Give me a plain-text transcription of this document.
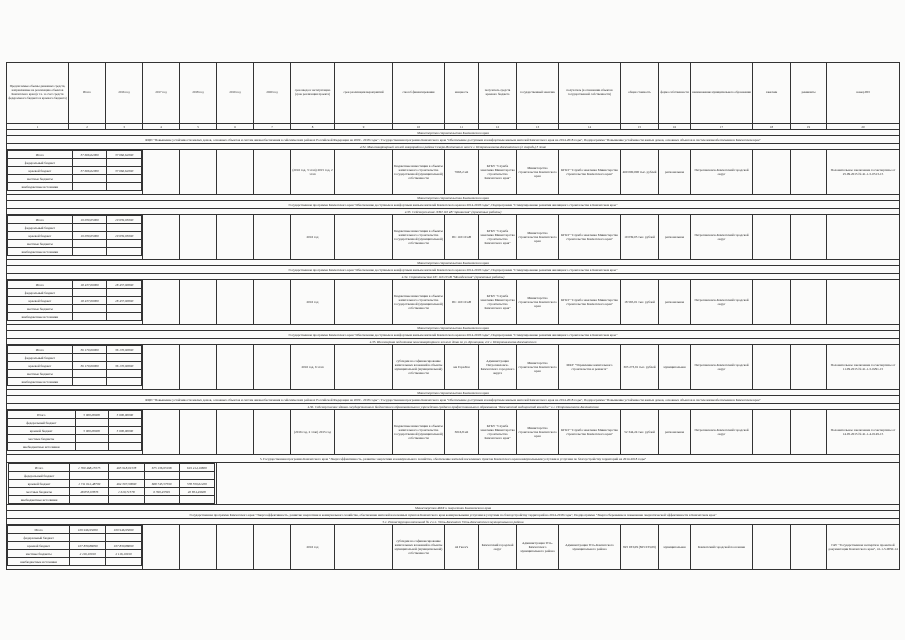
Предлагаемые объемы денежных средств, направляемые на реализацию объектов Камчатского края (в т.ч. за счет средств федерального бюджета и краевого бюджета)	Итого	2016 год	2017 год	2018 год	2019 год	2020 год	срок ввода в эксплуатацию (срок реализации проекта)	срок реализации мероприятий	способ финансирования	мощность	получатель средств краевого бюджета	государственный заказчик	получатель (в отношении объектов государственной собственности)	общая стоимость	форма собственности	наименование муниципального образования	заказчик	реквизиты	номер ПИ
1	2	3	4	5	6	7	8	9	10	11	12	13	14	15	16	17	18	19	20
Министерство строительства Камчатского края
ФЦП "Повышение устойчивости жилых домов, основных объектов и систем жизнеобеспечения в сейсмических районах Российской Федерации на 2009 - 2018 годы" / Государственная программа Камчатского края "Обеспечение доступным и комфортным жильем жителей Камчатского края на 2014-2018 годы", Подпрограмма "Повышение устойчивости жилых домов, основных объектов и систем жизнеобеспечения в Камчатском крае"
4.32. Многоквартирный жилой микрорайон в районе Северо-Восточного шоссе г. Петропавловска-Камчатского (2 очередь) 3 этап

Итого	37 666,62000	37 666,62000
федеральный бюджет		
краевой бюджет	37 666,62000	37 666,62000
местные бюджеты		
внебюджетные источники		
					(2016 год, 3 этап) 2015 год, 2 этап		Бюджетные инвестиции в объекты капитального строительства государственной (муниципальной) собственности	7663,2 м2	КГКУ "Служба заказчика Министерства строительства Камчатского края"	Министерство строительства Камчатского края	КГКУ "Служба заказчика Министерства строительства Камчатского края"	460 000,000 тыс. рублей	региональная	Петропавловск-Камчатский городской округ			Положительное заключение госэкспертизы от 25.09.2015 № 41-1-5-0513-15
Министерство строительства Камчатского края
Государственная программа Камчатского края "Обеспечение доступным и комфортным жильем жителей Камчатского края на 2014-2018 годы", Подпрограмма "Стимулирование развития жилищного строительства в Камчатском крае"
4.33. Сейсмоусиление ЛЭП 110 кВ "Арнинская" (проектные работы)

Итого	19 039,05000	19 039,05000
федеральный бюджет		
краевой бюджет	19 039,05000	19 039,05000
местные бюджеты		
внебюджетные источники		
					2016 год		Бюджетные инвестиции в объекты капитального строительства государственной (муниципальной) собственности	ПС 110/10 кВ	КГКУ "Служба заказчика Министерства строительства Камчатского края"	Министерство строительства Камчатского края	КГКУ "Служба заказчика Министерства строительства Камчатского края"	19 039,05 тыс. рублей	региональная	Петропавловск-Камчатский городской округ			
Министерство строительства Камчатского края
Государственная программа Камчатского края "Обеспечение доступным и комфортным жильем жителей Камчатского края на 2014-2018 годы", Подпрограмма "Стимулирование развития жилищного строительства в Камчатском крае"
4.34. Строительство ПС 110/10 кВ "Молодежная" (проектные работы)

Итого	18 437,00000	18 437,00000
федеральный бюджет		
краевой бюджет	18 437,00000	18 437,00000
местные бюджеты		
внебюджетные источники		
					2016 год		Бюджетные инвестиции в объекты капитального строительства государственной (муниципальной) собственности	ПС 110/10 кВ	КГКУ "Служба заказчика Министерства строительства Камчатского края"	Министерство строительства Камчатского края	КГКУ "Служба заказчика Министерства строительства Камчатского края"	18 565,01 тыс. рублей	региональная	Петропавловск-Камчатский городской округ			
Министерство строительства Камчатского края
Государственная программа Камчатского края "Обеспечение доступным и комфортным жильем жителей Камчатского края на 2014-2018 годы", Подпрограмма "Стимулирование развития жилищного строительства в Камчатском крае"
4.35. Инженерная подготовка многоквартирного жилого дома по ул. Кроноцкая, 2/2 г. Петропавловска-Камчатского

Итого	36 170,00000	36 170,00000
федеральный бюджет		
краевой бюджет	36 170,00000	36 170,00000
местные бюджеты		
внебюджетные источники		
					2016 год, 6 этап		субсидии на софинансирование капитальных вложений в объекты муниципальной (муниципальной) собственности	км Гора/Км	Администрация Петропавловск-Камчатского городского округа	Министерство строительства Камчатского края	МКУ "Управление капитального строительства и ремонта"	303 273,91 тыс. рублей	муниципальная	Петропавловск-Камчатский городской округ			Положительное заключение госэкспертизы от 11.09.2015 № 41-1-5-0291-15
Министерство строительства Камчатского края
ФЦП "Повышение устойчивости жилых домов, основных объектов и систем жизнеобеспечения в сейсмических районах Российской Федерации на 2009 - 2018 годы" / Государственная программа Камчатского края "Обеспечение доступным и комфортным жильем жителей Камчатского края на 2014-2018 годы", Подпрограмма "Повышение устойчивости жилых домов, основных объектов и систем жизнеобеспечения в Камчатском крае"
4.36. Сейсмоусиление здания государственного бюджетного образовательного учреждения среднего профессионального образования "Камчатский медицинский колледж" в г. Петропавловске-Камчатском

Итого	5 000,00000	5 000,00000
федеральный бюджет		
краевой бюджет	5 000,00000	5 000,00000
местные бюджеты		
внебюджетные источники		
					(2016 год, 2 этап) 2015 год		Бюджетные инвестиции в объекты капитального строительства государственной (муниципальной) собственности	3016,8 м2	КГКУ "Служба заказчика Министерства строительства Камчатского края"	Министерство строительства Камчатского края	КГКУ "Служба заказчика Министерства строительства Камчатского края"	52 344,24 тыс. рублей	региональная	Петропавловск-Камчатский городской округ			Положительное заключение госэкспертизы от 14.05.2015 № 41-1-4-0149-15
5. Государственная программа Камчатского края "Энергоэффективность, развитие энергетики и коммунального хозяйства, обеспечение жителей населенных пунктов Камчатского края коммунальными услугами и услугами по благоустройству территорий на 2014-2018 годы"

Итого	1 760 468,15575	465 918,01578	675 136,03198	619 414,10800
федеральный бюджет				
краевой бюджет	1 711 612,48799	464 307,30000	668 745,57599	578 559,61200
местные бюджеты	48 855,67876	1 610,71578	6 390,45599	40 854,49600
внебюджетные источники				

Министерство ЖКХ и энергетики Камчатского края
Государственная программа Камчатского края "Энергоэффективность, развитие энергетики и коммунального хозяйства, обеспечение жителей населенных пунктов Камчатского края коммунальными услугами и услугами по благоустройству территорий на 2014-2018 годы", Подпрограмма "Энергосбережение и повышение энергетической эффективности в Камчатском крае"
5.1. Реконструкция котельной № 2 в п. Усть-Камчатск Усть-Камчатского муниципального района

Итого	109 946,95000	109 946,95000
федеральный бюджет		
краевой бюджет	107 830,88090	107 830,88090
местные бюджеты	2 116,10910	2 116,10910
внебюджетные источники		
					2016 год		субсидии на софинансирование капитальных вложений в объекты муниципальной (муниципальной) собственности	44 Гкал/ч	Камчатский городской округ	Администрация Усть-Камчатского муниципального района	Администрация Усть-Камчатского муниципального района	825 033,09 (825 033,09)	муниципальная	Камчатский городской поселение			ГАУ "Государственная экспертиза проектной документации Камчатского края", 41-1-5-0050-14
